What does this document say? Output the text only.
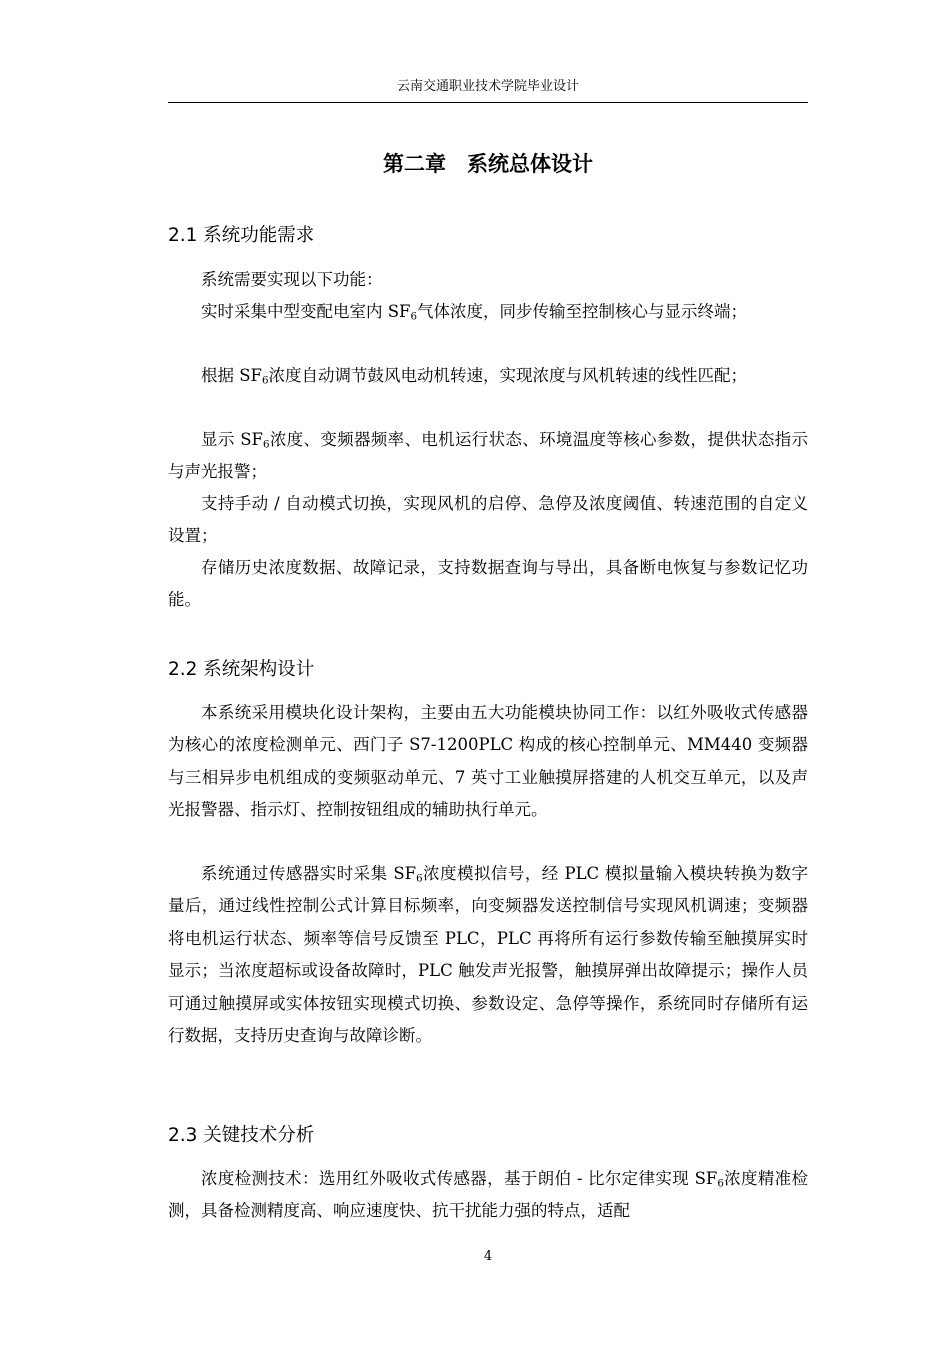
云南交通职业技术学院毕业设计
第二章　系统总体设计
2.1 系统功能需求

系统需要实现以下功能：

实时采集中型变配电室内 $SF_6$气体浓度，同步传输至控制核心与显示终端；

根据 $SF_6$浓度自动调节鼓风电动机转速，实现浓度与风机转速的线性匹配；

显示 $SF_6$浓度、变频器频率、电机运行状态、环境温度等核心参数，提供状态指示与声光报警；

支持手动 / 自动模式切换，实现风机的启停、急停及浓度阈值、转速范围的自定义设置；

存储历史浓度数据、故障记录，支持数据查询与导出，具备断电恢复与参数记忆功能。

2.2 系统架构设计

本系统采用模块化设计架构，主要由五大功能模块协同工作：以红外吸收式传感器为核心的浓度检测单元、西门子 S7-1200PLC 构成的核心控制单元、MM440 变频器与三相异步电机组成的变频驱动单元、7 英寸工业触摸屏搭建的人机交互单元，以及声光报警器、指示灯、控制按钮组成的辅助执行单元。

系统通过传感器实时采集 $SF_6$浓度模拟信号，经 PLC 模拟量输入模块转换为数字量后，通过线性控制公式计算目标频率，向变频器发送控制信号实现风机调速；变频器将电机运行状态、频率等信号反馈至 PLC，PLC 再将所有运行参数传输至触摸屏实时显示；当浓度超标或设备故障时，PLC 触发声光报警，触摸屏弹出故障提示；操作人员可通过触摸屏或实体按钮实现模式切换、参数设定、急停等操作，系统同时存储所有运行数据，支持历史查询与故障诊断。

2.3 关键技术分析

浓度检测技术：选用红外吸收式传感器，基于朗伯 - 比尔定律实现 $SF_6$浓度精准检测，具备检测精度高、响应速度快、抗干扰能力强的特点，适配

4
